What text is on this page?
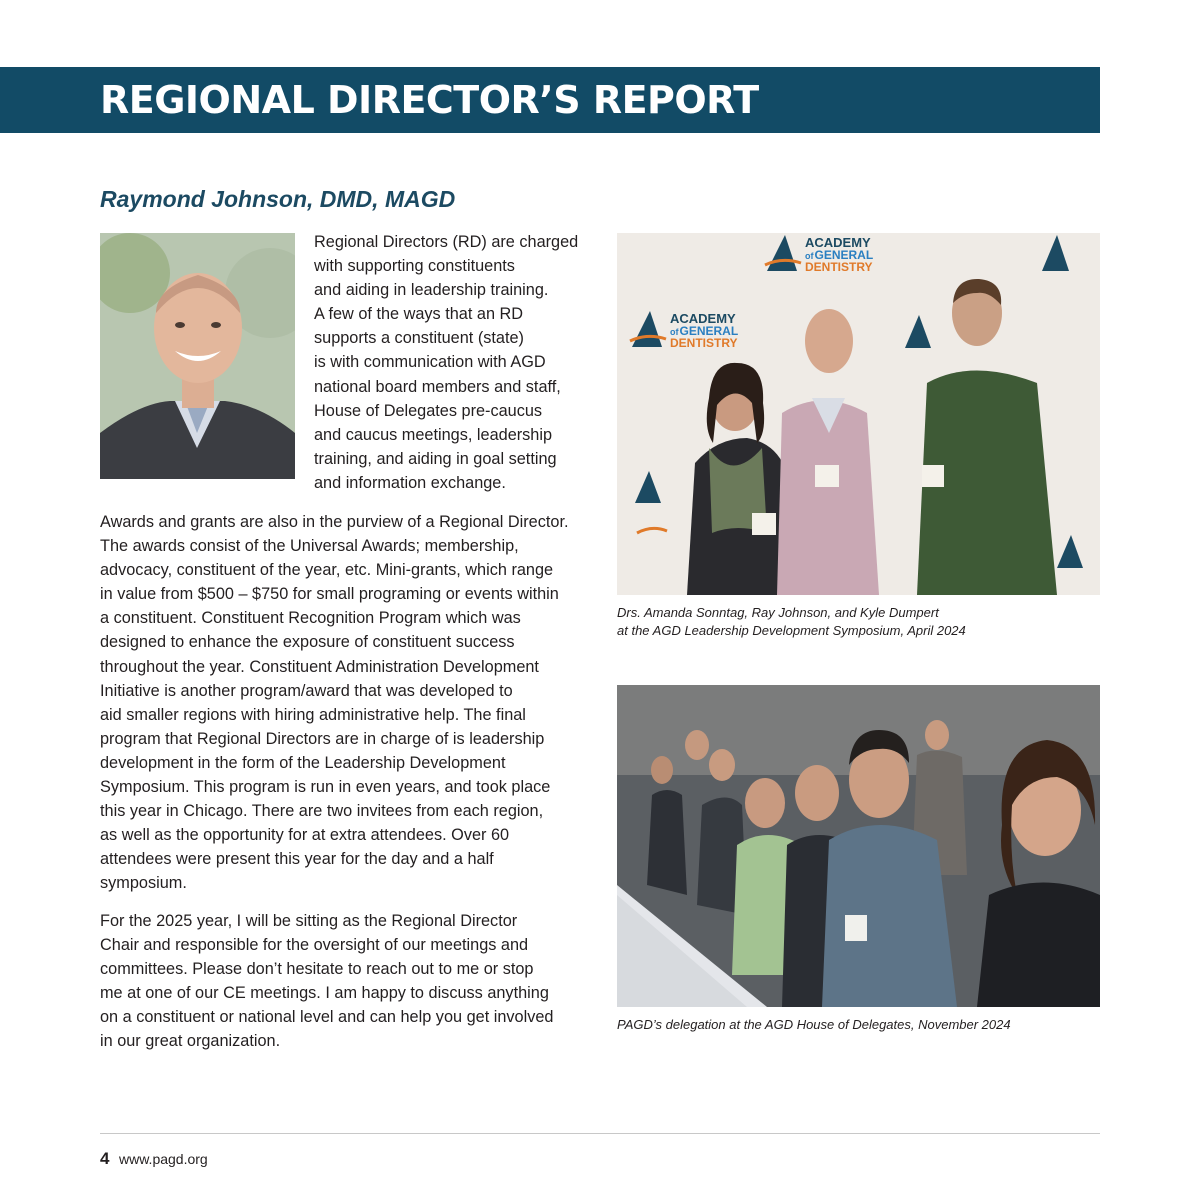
REGIONAL DIRECTOR’S REPORT
Raymond Johnson, DMD, MAGD
Regional Directors (RD) are charged
with supporting constituents
and aiding in leadership training.
A few of the ways that an RD
supports a constituent (state)
is with communication with AGD
national board members and staff,
House of Delegates pre-caucus
and caucus meetings, leadership
training, and aiding in goal setting
and information exchange.
Awards and grants are also in the purview of a Regional Director.
The awards consist of the Universal Awards; membership,
advocacy, constituent of the year, etc. Mini-grants, which range
in value from $500 – $750 for small programing or events within
a constituent. Constituent Recognition Program which was
designed to enhance the exposure of constituent success
throughout the year. Constituent Administration Development
Initiative is another program/award that was developed to
aid smaller regions with hiring administrative help. The final
program that Regional Directors are in charge of is leadership
development in the form of the Leadership Development
Symposium. This program is run in even years, and took place
this year in Chicago. There are two invitees from each region,
as well as the opportunity for at extra attendees. Over 60
attendees were present this year for the day and a half
symposium.
For the 2025 year, I will be sitting as the Regional Director
Chair and responsible for the oversight of our meetings and
committees. Please don’t hesitate to reach out to me or stop
me at one of our CE meetings. I am happy to discuss anything
on a constituent or national level and can help you get involved
in our great organization.
ACADEMY
ofGENERAL
DENTISTRY
ACADEMY
ofGENERAL
DENTISTRY
Drs. Amanda Sonntag, Ray Johnson, and Kyle Dumpert
at the AGD Leadership Development Symposium, April 2024
PAGD’s delegation at the AGD House of Delegates, November 2024
4 www.pagd.org
